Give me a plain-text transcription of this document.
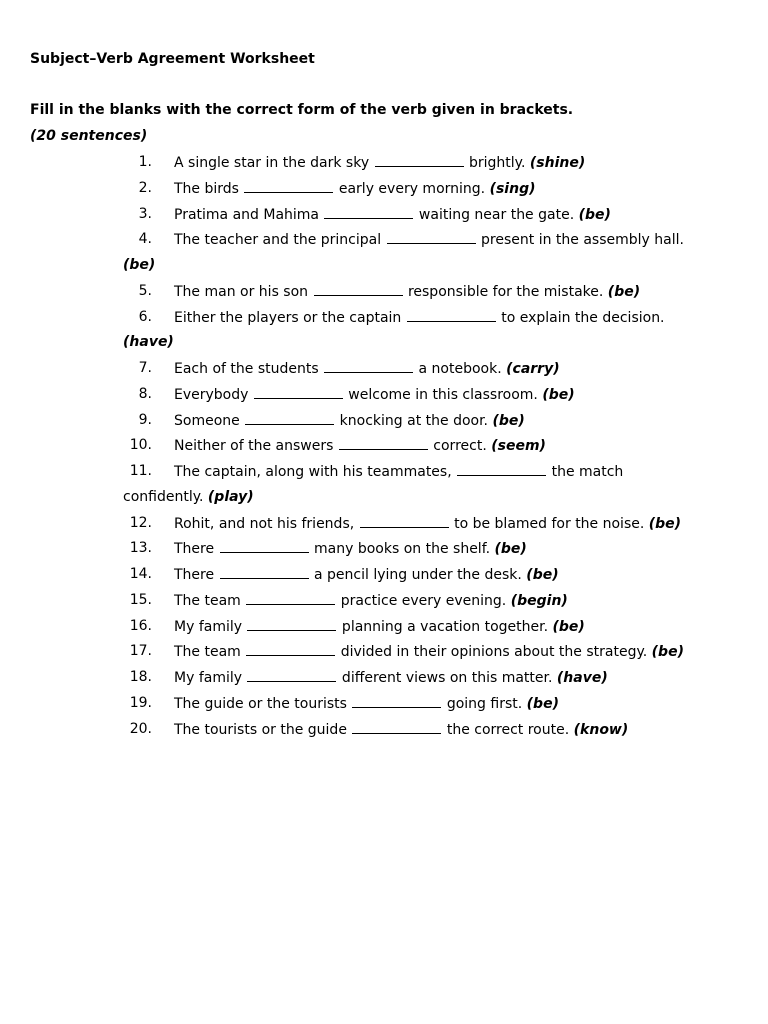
Subject–Verb Agreement Worksheet
Fill in the blanks with the correct form of the verb given in brackets.
(20 sentences)
1. A single star in the dark sky	brightly. (shine)
2. The birds	early every morning. (sing)
3. Pratima and Mahima	waiting near the gate. (be)
4. The teacher and the principal	present in the assembly hall.
(be)
5. The man or his son	responsible for the mistake. (be)
6. Either the players or the captain	to explain the decision.
(have)
7. Each of the students	a notebook. (carry)
8. Everybody	welcome in this classroom. (be)
9. Someone	knocking at the door. (be)
10. Neither of the answers	correct. (seem)
11. The captain, along with his teammates,	the match
confidently. (play)
12. Rohit, and not his friends,	to be blamed for the noise. (be)
13. There	many books on the shelf. (be)
14. There	a pencil lying under the desk. (be)
15. The team	practice every evening. (begin)
16. My family	planning a vacation together. (be)
17. The team	divided in their opinions about the strategy. (be)
18. My family	different views on this matter. (have)
19. The guide or the tourists	going first. (be)
20. The tourists or the guide	the correct route. (know)
